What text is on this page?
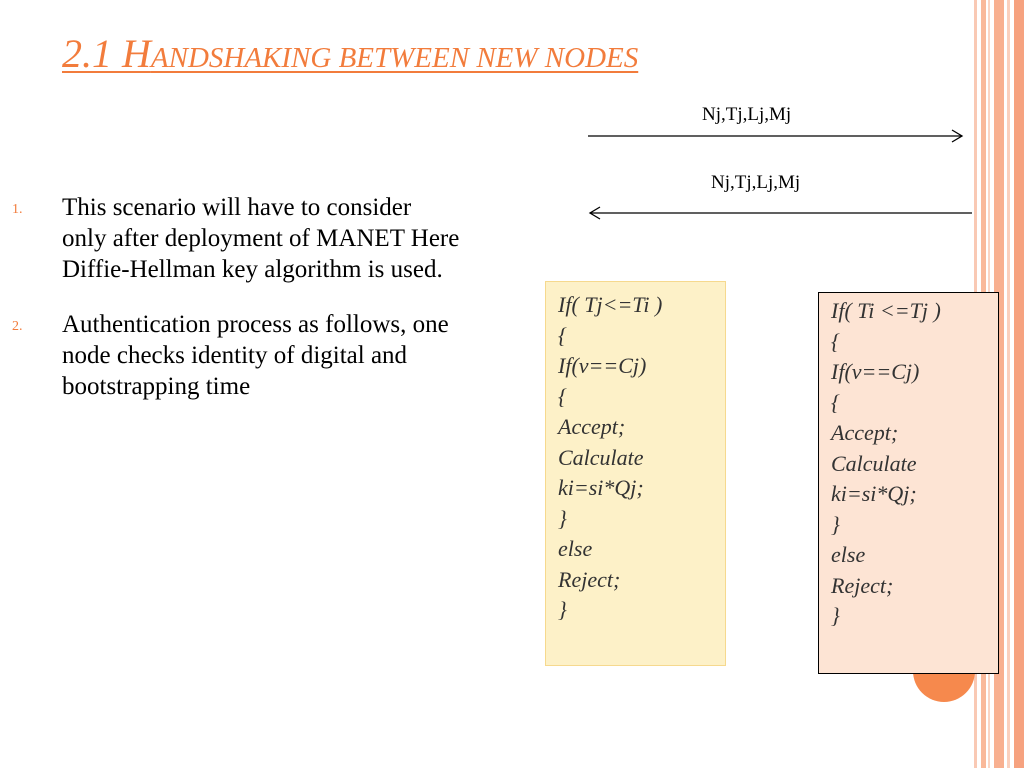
2.1 HANDSHAKING BETWEEN NEW NODES
Nj,Tj,Lj,Mj
Nj,Tj,Lj,Mj
1. This scenario will have to consider only after deployment of MANET Here Diffie-Hellman key algorithm is used.
2. Authentication process as follows, one node checks identity of digital and bootstrapping time
If( Tj<=Ti )
{
If(v==Cj)
{
Accept;
Calculate
ki=si*Qj;
}
else
Reject;
}
If( Ti <=Tj )
{
If(v==Cj)
{
Accept;
Calculate
ki=si*Qj;
}
else
Reject;
}
